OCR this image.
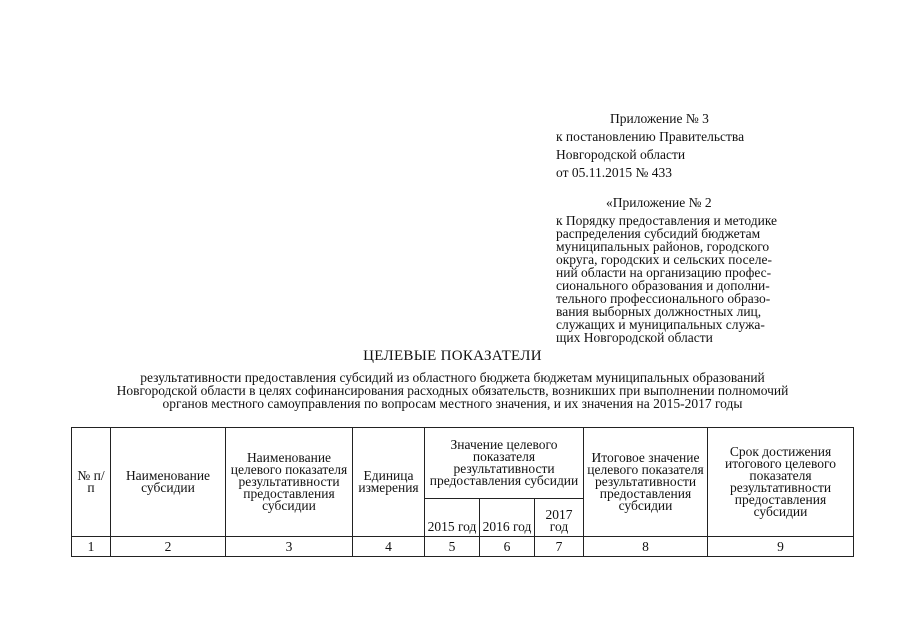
Приложение № 3
к постановлению Правительства
Новгородской области
от 05.11.2015 № 433
«Приложение № 2
к Порядку предоставления и методике
распределения субсидий бюджетам
муниципальных районов, городского
округа, городских и сельских поселе-
ний области на организацию профес-
сионального образования и дополни-
тельного профессионального образо-
вания выборных должностных лиц,
служащих и муниципальных служа-
щих Новгородской области
ЦЕЛЕВЫЕ ПОКАЗАТЕЛИ
результативности предоставления субсидий из областного бюджета бюджетам муниципальных образований
Новгородской области в целях софинансирования расходных обязательств, возникших при выполнении полномочий
органов местного самоуправления по вопросам местного значения, и их значения на 2015-2017 годы
№ п/п	Наименование субсидии	Наименование целевого показателя результативности предоставления субсидии	Единица измерения	Значение целевого показателя результативности предоставления субсидии			Итоговое значение целевого показателя результативности предоставления субсидии	Срок достижения итогового целевого показателя результативности предоставления субсидии
				2015 год	2016 год	2017 год		
1	2	3	4	5	6	7	8	9
